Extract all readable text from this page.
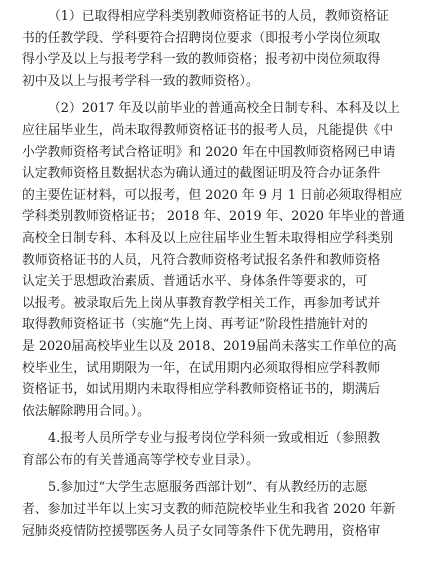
（1）已取得相应学科类别教师资格证书的人员，教师资格证
书的任教学段、学科要符合招聘岗位要求（即报考小学岗位须取
得小学及以上与报考学科一致的教师资格；报考初中岗位须取得
初中及以上与报考学科一致的教师资格）。

（2）2017 年及以前毕业的普通高校全日制专科、本科及以上
应往届毕业生，尚未取得教师资格证书的报考人员，凡能提供《中
小学教师资格考试合格证明》和 2020 年在中国教师资格网已申请
认定教师资格且数据状态为确认通过的截图证明及符合办证条件
的主要佐证材料，可以报考，但 2020 年 9 月 1 日前必须取得相应
学科类别教师资格证书； 2018 年、2019 年、2020 年毕业的普通
高校全日制专科、本科及以上应往届毕业生暂未取得相应学科类别
教师资格证书的人员，凡符合教师资格考试报名条件和教师资格
认定关于思想政治素质、普通话水平、身体条件等要求的，可
以报考。被录取后先上岗从事教育教学相关工作，再参加考试并
取得教师资格证书（实施“先上岗、再考证”阶段性措施针对的
是 2020届高校毕业生以及 2018、2019届尚未落实工作单位的高
校毕业生，试用期限为一年，在试用期内必须取得相应学科教师
资格证书，如试用期内未取得相应学科教师资格证书的，期满后
依法解除聘用合同。）。

4.报考人员所学专业与报考岗位学科须一致或相近（参照教
育部公布的有关普通高等学校专业目录）。

5.参加过“大学生志愿服务西部计划”、有从教经历的志愿
者、参加过半年以上实习支教的师范院校毕业生和我省 2020 年新
冠肺炎疫情防控援鄂医务人员子女同等条件下优先聘用，资格审
